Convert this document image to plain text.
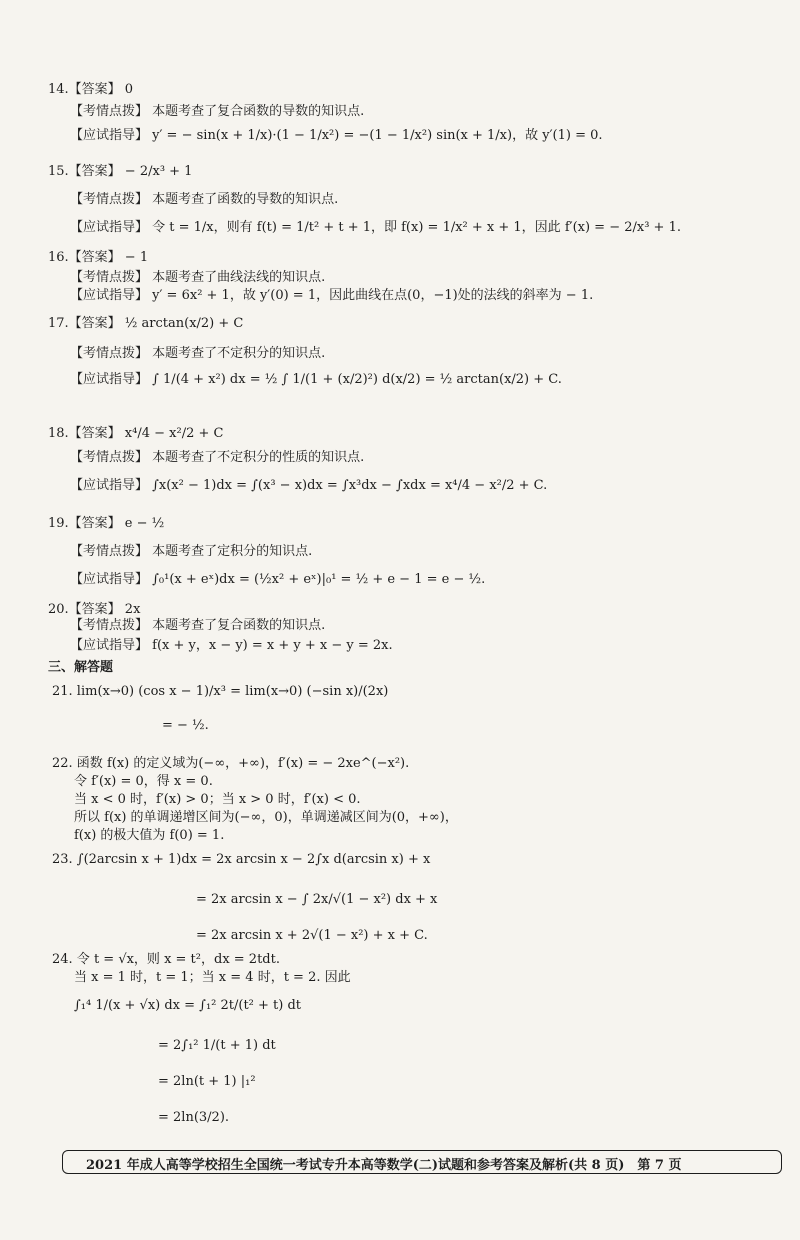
14.【答案】 0
【考情点拨】 本题考查了复合函数的导数的知识点.
【应试指导】 y′ = − sin(x + 1/x)·(1 − 1/x²) = −(1 − 1/x²) sin(x + 1/x)，故 y′(1) = 0.
15.【答案】 − 2/x³ + 1
【考情点拨】 本题考查了函数的导数的知识点.
【应试指导】 令 t = 1/x，则有 f(t) = 1/t² + t + 1，即 f(x) = 1/x² + x + 1，因此 f′(x) = − 2/x³ + 1.
16.【答案】 − 1
【考情点拨】 本题考查了曲线法线的知识点.
【应试指导】 y′ = 6x² + 1，故 y′(0) = 1，因此曲线在点(0，−1)处的法线的斜率为 − 1.
17.【答案】 ½ arctan(x/2) + C
【考情点拨】 本题考查了不定积分的知识点.
【应试指导】 ∫ 1/(4 + x²) dx = ½ ∫ 1/(1 + (x/2)²) d(x/2) = ½ arctan(x/2) + C.
18.【答案】 x⁴/4 − x²/2 + C
【考情点拨】 本题考查了不定积分的性质的知识点.
【应试指导】 ∫x(x² − 1)dx = ∫(x³ − x)dx = ∫x³dx − ∫xdx = x⁴/4 − x²/2 + C.
19.【答案】 e − ½
【考情点拨】 本题考查了定积分的知识点.
【应试指导】 ∫₀¹(x + eˣ)dx = (½x² + eˣ)|₀¹ = ½ + e − 1 = e − ½.
20.【答案】 2x
【考情点拨】 本题考查了复合函数的知识点.
【应试指导】 f(x + y，x − y) = x + y + x − y = 2x.
三、解答题
21. lim(x→0) (cos x − 1)/x³ = lim(x→0) (−sin x)/(2x)
= − ½.
22. 函数 f(x) 的定义域为(−∞，+∞)，f′(x) = − 2xe^(−x²).
令 f′(x) = 0，得 x = 0.
当 x < 0 时，f′(x) > 0；当 x > 0 时，f′(x) < 0.
所以 f(x) 的单调递增区间为(−∞，0)，单调递减区间为(0，+∞)，
f(x) 的极大值为 f(0) = 1.
23. ∫(2arcsin x + 1)dx = 2x arcsin x − 2∫x d(arcsin x) + x
= 2x arcsin x − ∫ 2x/√(1 − x²) dx + x
= 2x arcsin x + 2√(1 − x²) + x + C.
24. 令 t = √x，则 x = t²，dx = 2tdt.
当 x = 1 时，t = 1；当 x = 4 时，t = 2. 因此
∫₁⁴ 1/(x + √x) dx = ∫₁² 2t/(t² + t) dt
= 2∫₁² 1/(t + 1) dt
= 2ln(t + 1) |₁²
= 2ln(3/2).
2021 年成人高等学校招生全国统一考试专升本高等数学(二)试题和参考答案及解析(共 8 页)　第 7 页
